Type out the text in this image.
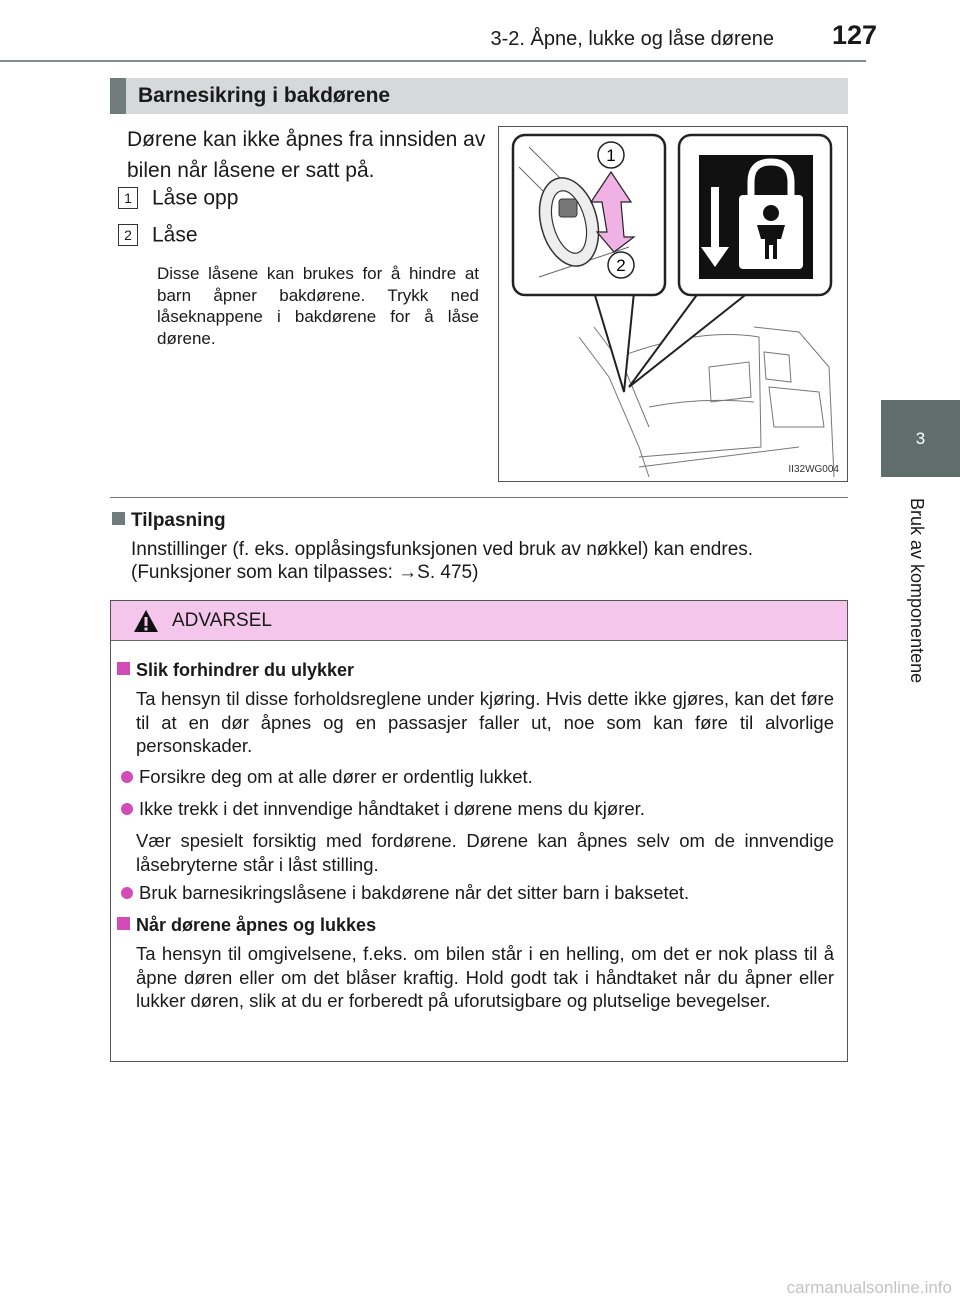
3-2. Åpne, lukke og låse dørene 127
3
Bruk av komponentene
Barnesikring i bakdørene
Dørene kan ikke åpnes fra innsiden av bilen når låsene er satt på.
1 Låse opp
2 Låse
Disse låsene kan brukes for å hindre at barn åpner bakdørene. Trykk ned låseknappene i bakdørene for å låse dørene.
1
2
II32WG004
Tilpasning
Innstillinger (f. eks. opplåsingsfunksjonen ved bruk av nøkkel) kan endres.
(Funksjoner som kan tilpasses: →S. 475)
ADVARSEL
Slik forhindrer du ulykker
Ta hensyn til disse forholdsreglene under kjøring. Hvis dette ikke gjøres, kan det føre til at en dør åpnes og en passasjer faller ut, noe som kan føre til alvorlige personskader.
Forsikre deg om at alle dører er ordentlig lukket.
Ikke trekk i det innvendige håndtaket i dørene mens du kjører.
Vær spesielt forsiktig med fordørene. Dørene kan åpnes selv om de innvendige låsebryterne står i låst stilling.
Bruk barnesikringslåsene i bakdørene når det sitter barn i baksetet.
Når dørene åpnes og lukkes
Ta hensyn til omgivelsene, f.eks. om bilen står i en helling, om det er nok plass til å åpne døren eller om det blåser kraftig. Hold godt tak i håndtaket når du åpner eller lukker døren, slik at du er forberedt på uforutsigbare og plutselige bevegelser.
carmanualsonline.info
